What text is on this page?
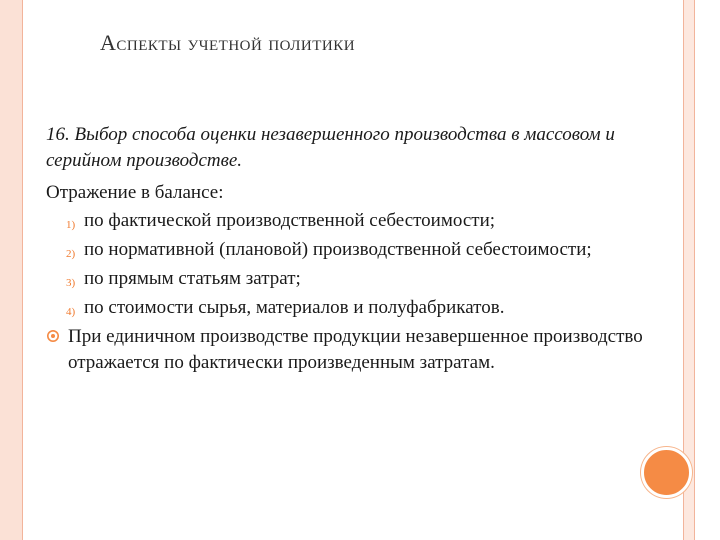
Аспекты учетной политики
16. Выбор способа оценки незавершенного производства в массовом и серийном производстве.
Отражение в балансе:
1) по фактической производственной себестоимости;
2) по нормативной (плановой) производственной себестоимости;
3) по прямым статьям затрат;
4) по стоимости сырья, материалов и полуфабрикатов.
При единичном производстве продукции незавершенное производство отражается по фактически произведенным затратам.
